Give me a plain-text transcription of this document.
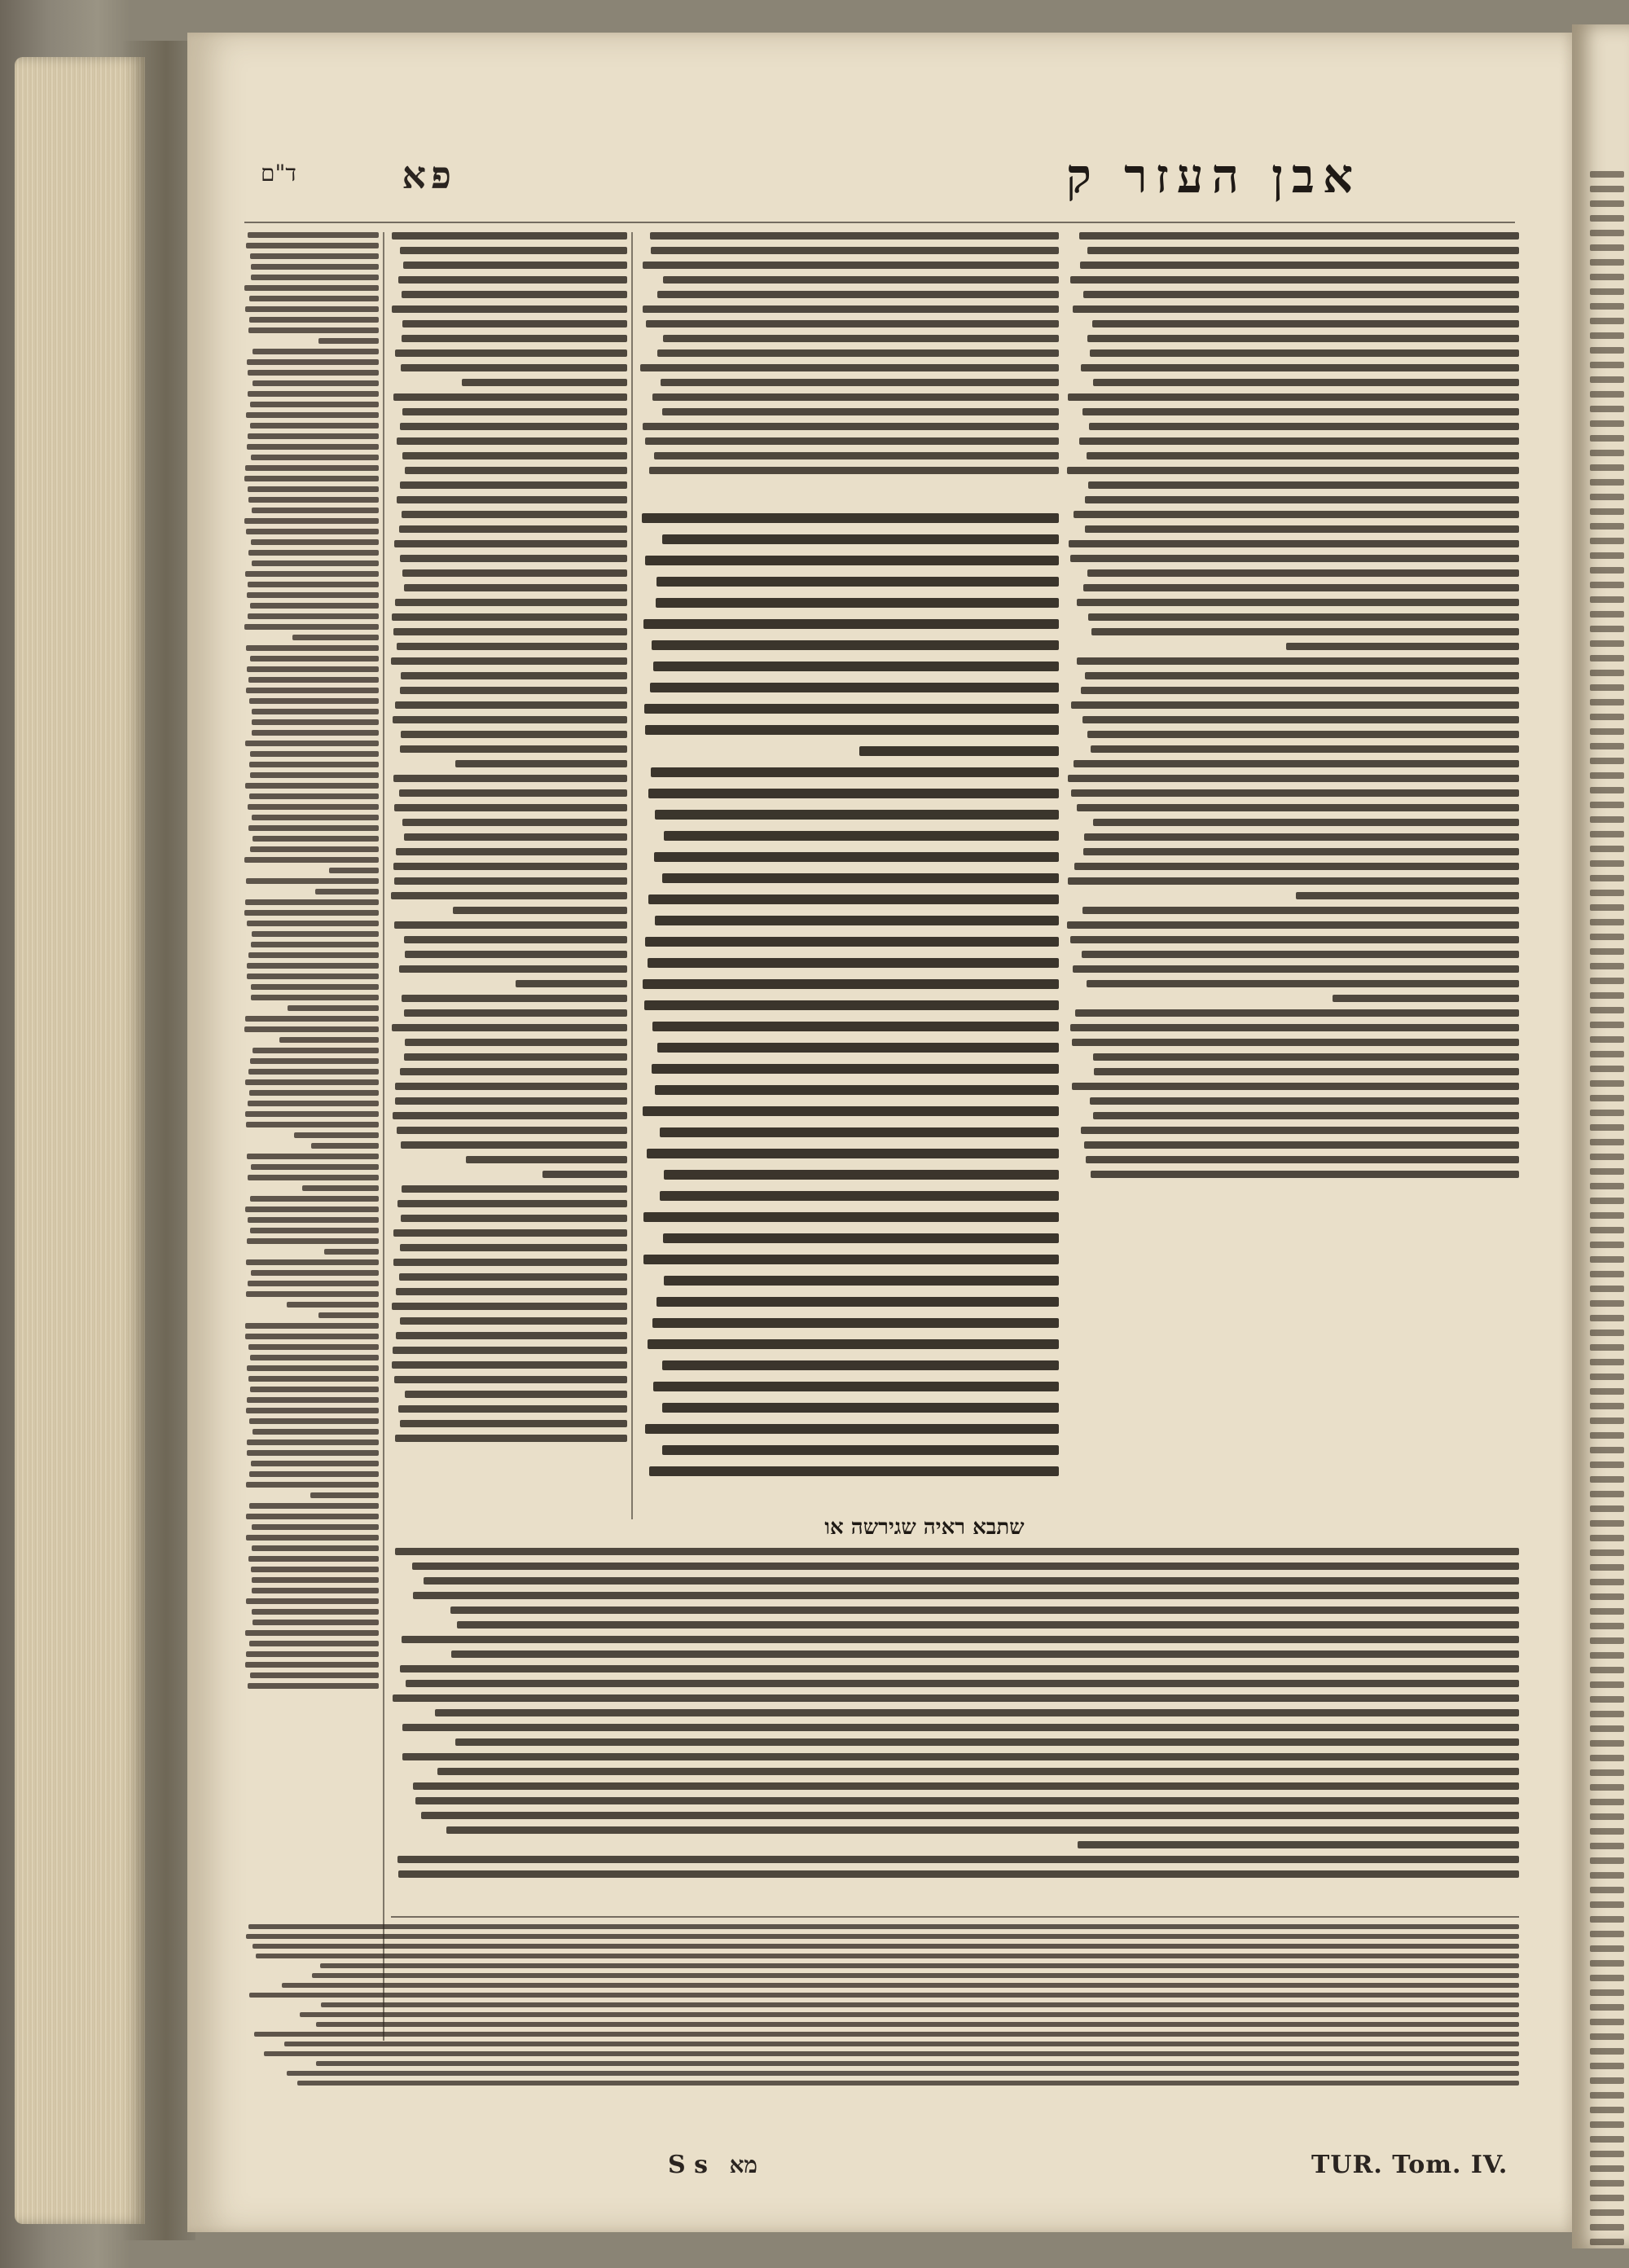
ד"ם	פא	אבן העזר ק
שתבא ראיה שגירשה או
S s מא	TUR. Tom. IV.
